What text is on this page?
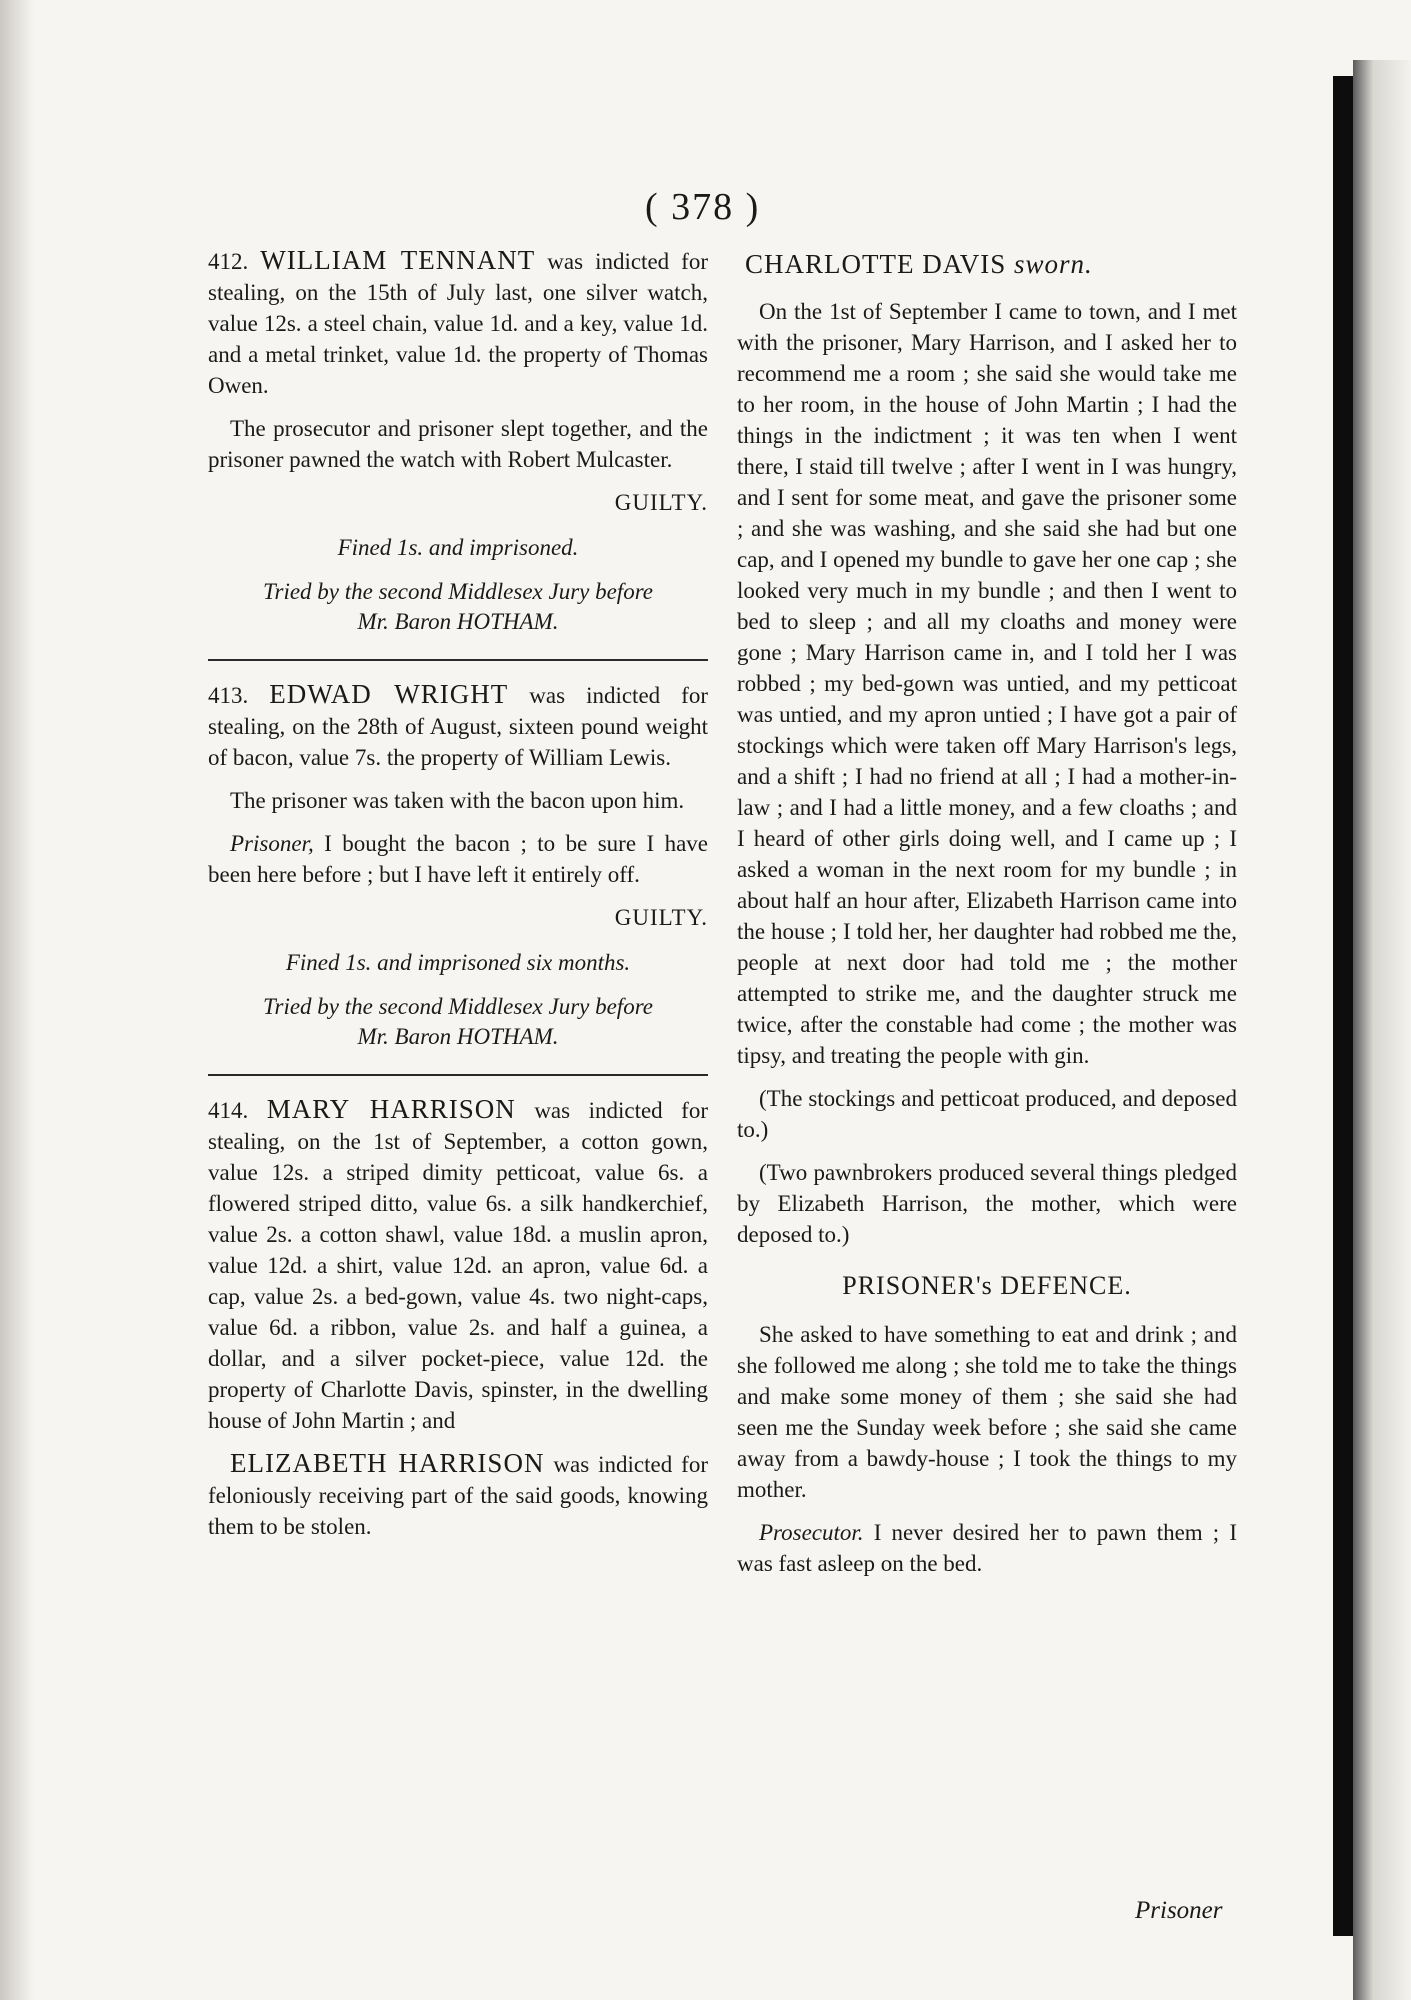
( 378 )

412. WILLIAM TENNANT was indicted for stealing, on the 15th of July last, one silver watch, value 12s. a steel chain, value 1d. and a key, value 1d. and a metal trinket, value 1d. the property of Thomas Owen.

The prosecutor and prisoner slept together, and the prisoner pawned the watch with Robert Mulcaster.

GUILTY.

Fined 1s. and imprisoned.

Tried by the second Middlesex Jury before
Mr. Baron HOTHAM.

413. EDWAD WRIGHT was indicted for stealing, on the 28th of August, sixteen pound weight of bacon, value 7s. the property of William Lewis.

The prisoner was taken with the bacon upon him.

Prisoner, I bought the bacon ; to be sure I have been here before ; but I have left it entirely off.

GUILTY.

Fined 1s. and imprisoned six months.

Tried by the second Middlesex Jury before
Mr. Baron HOTHAM.

414. MARY HARRISON was indicted for stealing, on the 1st of September, a cotton gown, value 12s. a striped dimity petticoat, value 6s. a flowered striped ditto, value 6s. a silk handkerchief, value 2s. a cotton shawl, value 18d. a muslin apron, value 12d. a shirt, value 12d. an apron, value 6d. a cap, value 2s. a bed-gown, value 4s. two night-caps, value 6d. a ribbon, value 2s. and half a guinea, a dollar, and a silver pocket-piece, value 12d. the property of Charlotte Davis, spinster, in the dwelling house of John Martin ; and

ELIZABETH HARRISON was indicted for feloniously receiving part of the said goods, knowing them to be stolen.

CHARLOTTE DAVIS sworn.

On the 1st of September I came to town, and I met with the prisoner, Mary Harrison, and I asked her to recommend me a room ; she said she would take me to her room, in the house of John Martin ; I had the things in the indictment ; it was ten when I went there, I staid till twelve ; after I went in I was hungry, and I sent for some meat, and gave the prisoner some ; and she was washing, and she said she had but one cap, and I opened my bundle to gave her one cap ; she looked very much in my bundle ; and then I went to bed to sleep ; and all my cloaths and money were gone ; Mary Harrison came in, and I told her I was robbed ; my bed-gown was untied, and my petticoat was untied, and my apron untied ; I have got a pair of stockings which were taken off Mary Harrison's legs, and a shift ; I had no friend at all ; I had a mother-in-law ; and I had a little money, and a few cloaths ; and I heard of other girls doing well, and I came up ; I asked a woman in the next room for my bundle ; in about half an hour after, Elizabeth Harrison came into the house ; I told her, her daughter had robbed me the, people at next door had told me ; the mother attempted to strike me, and the daughter struck me twice, after the constable had come ; the mother was tipsy, and treating the people with gin.

(The stockings and petticoat produced, and deposed to.)

(Two pawnbrokers produced several things pledged by Elizabeth Harrison, the mother, which were deposed to.)

PRISONER's DEFENCE.

She asked to have something to eat and drink ; and she followed me along ; she told me to take the things and make some money of them ; she said she had seen me the Sunday week before ; she said she came away from a bawdy-house ; I took the things to my mother.

Prosecutor. I never desired her to pawn them ; I was fast asleep on the bed.

Prisoner
